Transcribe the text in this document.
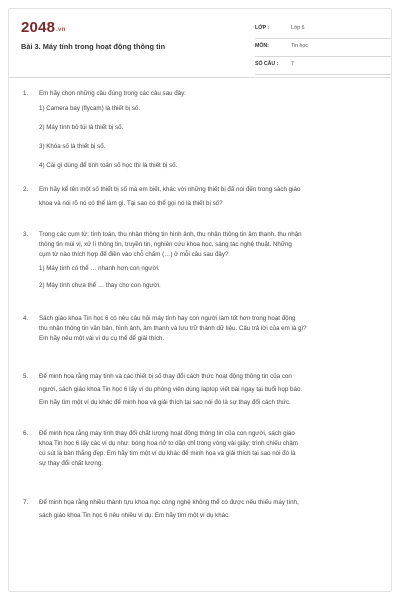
2048.vn
Bài 3. Máy tính trong hoạt động thông tin
LỚP :	Lớp 6
MÔN:	Tin học
SỐ CÂU : 7
1. Em hãy chọn những câu đúng trong các câu sau đây:
1) Camera bay (flycam) là thiết bị số.
2) Máy tính bỏ túi là thiết bị số.
3) Khóa số là thiết bị số.
4) Cái gì dùng để tính toán số học thì là thiết bị số.
2. Em hãy kể tên một số thiết bị số mà em biết, khác với những thiết bị đã nói đến trong sách giáo
khoa và nói rõ nó có thể làm gì. Tại sao có thể gọi nó là thiết bị số?
3. Trong các cụm từ: tính toán, thu nhận thông tin hình ảnh, thu nhận thông tin âm thanh, thu nhận
thông tin mùi vị, xử lí thông tin, truyền tin, nghiên cứu khoa học, sáng tác nghệ thuật. Những
cụm từ nào thích hợp để điền vào chỗ chấm (…) ở mỗi câu sau đây?
1) Máy tính có thể … nhanh hơn con người.
2) Máy tính chưa thể … thay cho con người.
4. Sách giáo khoa Tin học 6 có nêu câu hỏi máy tính hay con người làm tốt hơn trong hoạt động
thu nhận thông tin văn bản, hình ảnh, âm thanh và lưu trữ thành dữ liệu. Câu trả lời của em là gì?
Em hãy nêu một vài ví dụ cụ thể để giải thích.
5. Để minh họa rằng máy tính và các thiết bị số thay đổi cách thức hoạt động thông tin của con
người, sách giáo khoa Tin học 6 lấy ví dụ phòng viên dùng laptop viết bài ngay tại buổi họp báo.
Em hãy tìm một ví dụ khác để minh họa và giải thích tại sao nói đó là sự thay đổi cách thức.
6. Để minh họa rằng máy tính thay đổi chất lượng hoạt động thông tin của con người, sách giáo
khoa Tin học 6 lấy các ví dụ như: bóng hoa nở to dần chỉ trong vòng vài giây; trình chiếu chậm
cú sút là bàn thắng đẹp. Em hãy tìm một ví dụ khác để minh họa và giải thích tại sao nói đó là
sự thay đổi chất lượng.
7. Để minh họa rằng nhiều thành tựu khoa học công nghệ không thể có được nếu thiếu máy tính,
sách giáo khoa Tin học 6 nêu nhiều ví dụ. Em hãy tìm một ví dụ khác.
